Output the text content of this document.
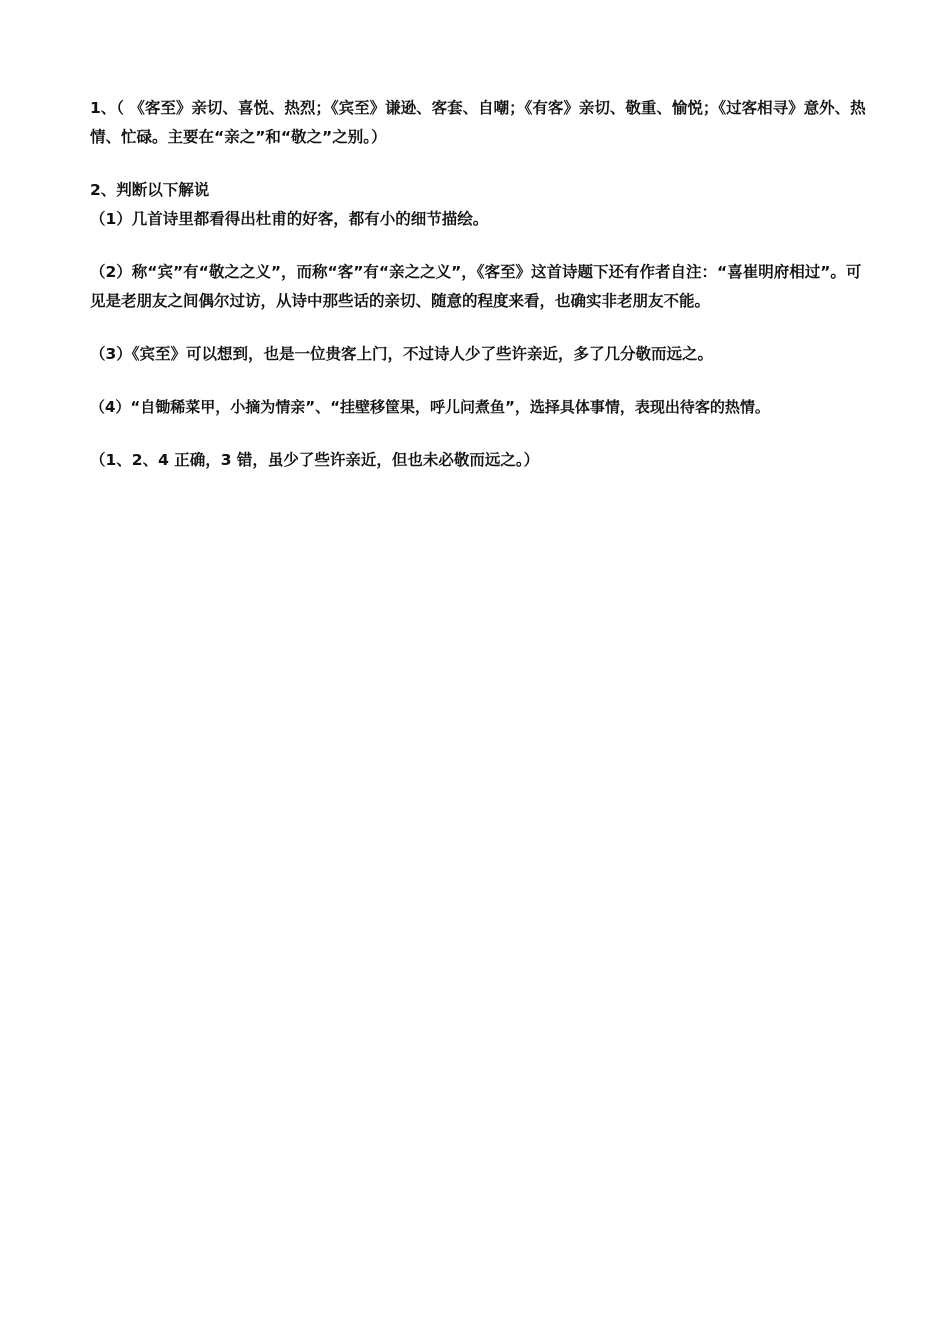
1、（ 《客至》亲切、喜悦、热烈；《宾至》谦逊、客套、自嘲；《有客》亲切、敬重、愉悦；《过客相寻》意外、热情、忙碌。主要在“亲之”和“敬之”之别。）

2、判断以下解说

（1）几首诗里都看得出杜甫的好客，都有小的细节描绘。

（2）称“宾”有“敬之之义”，而称“客”有“亲之之义”，《客至》这首诗题下还有作者自注：“喜崔明府相过”。可见是老朋友之间偶尔过访，从诗中那些话的亲切、随意的程度来看，也确实非老朋友不能。

（3）《宾至》可以想到，也是一位贵客上门，不过诗人少了些许亲近，多了几分敬而远之。

（4）“自锄稀菜甲，小摘为情亲”、“挂壁移筐果，呼儿问煮鱼”，选择具体事情，表现出待客的热情。

（1、2、4 正确，3 错，虽少了些许亲近，但也未必敬而远之。）
